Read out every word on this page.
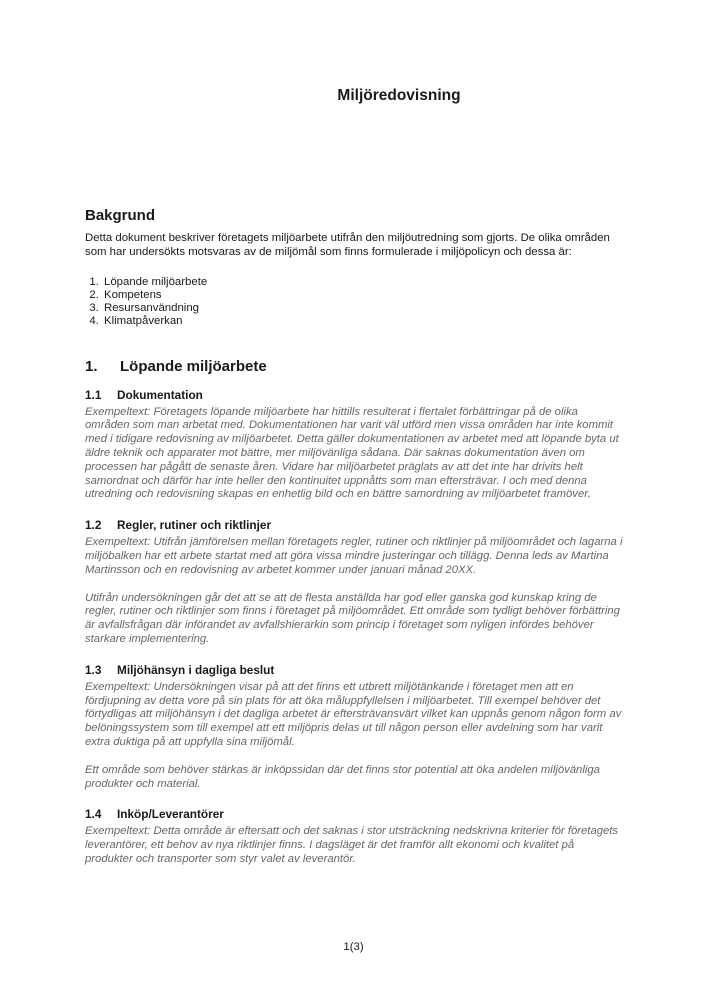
Miljöredovisning
Bakgrund

Detta dokument beskriver företagets miljöarbete utifrån den miljöutredning som gjorts. De olika områden som har undersökts motsvaras av de miljömål som finns formulerade i miljöpolicyn och dessa är:

1. Löpande miljöarbete
2. Kompetens
3. Resursanvändning
4. Klimatpåverkan
1.	Löpande miljöarbete
1.1	Dokumentation

Exempeltext: Företagets löpande miljöarbete har hittills resulterat i flertalet förbättringar på de olika områden som man arbetat med. Dokumentationen har varit väl utförd men vissa områden har inte kommit med i tidigare redovisning av miljöarbetet. Detta gäller dokumentationen av arbetet med att löpande byta ut äldre teknik och apparater mot bättre, mer miljövänliga sådana. Där saknas dokumentation även om processen har pågått de senaste åren. Vidare har miljöarbetet präglats av att det inte har drivits helt samordnat och därför har inte heller den kontinuitet uppnåtts som man eftersträvar. I och med denna utredning och redovisning skapas en enhetlig bild och en bättre samordning av miljöarbetet framöver.

1.2	Regler, rutiner och riktlinjer

Exempeltext: Utifrån jämförelsen mellan företagets regler, rutiner och riktlinjer på miljöområdet och lagarna i miljöbalken har ett arbete startat med att göra vissa mindre justeringar och tillägg. Denna leds av Martina Martinsson och en redovisning av arbetet kommer under januari månad 20XX.

Utifrån undersökningen går det att se att de flesta anställda har god eller ganska god kunskap kring de regler, rutiner och riktlinjer som finns i företaget på miljöområdet. Ett område som tydligt behöver förbättring är avfallsfrågan där införandet av avfallshierarkin som princip i företaget som nyligen infördes behöver starkare implementering.

1.3	Miljöhänsyn i dagliga beslut

Exempeltext: Undersökningen visar på att det finns ett utbrett miljötänkande i företaget men att en fördjupning av detta vore på sin plats för att öka måluppfyllelsen i miljöarbetet. Till exempel behöver det förtydligas att miljöhänsyn i det dagliga arbetet är eftersträvansvärt vilket kan uppnås genom någon form av belöningssystem som till exempel att ett miljöpris delas ut till någon person eller avdelning som har varit extra duktiga på att uppfylla sina miljömål.

Ett område som behöver stärkas är inköpssidan där det finns stor potential att öka andelen miljövänliga produkter och material.

1.4	Inköp/Leverantörer

Exempeltext: Detta område är eftersatt och det saknas i stor utsträckning nedskrivna kriterier för företagets leverantörer, ett behov av nya riktlinjer finns. I dagsläget är det framför allt ekonomi och kvalitet på produkter och transporter som styr valet av leverantör.

1(3)
